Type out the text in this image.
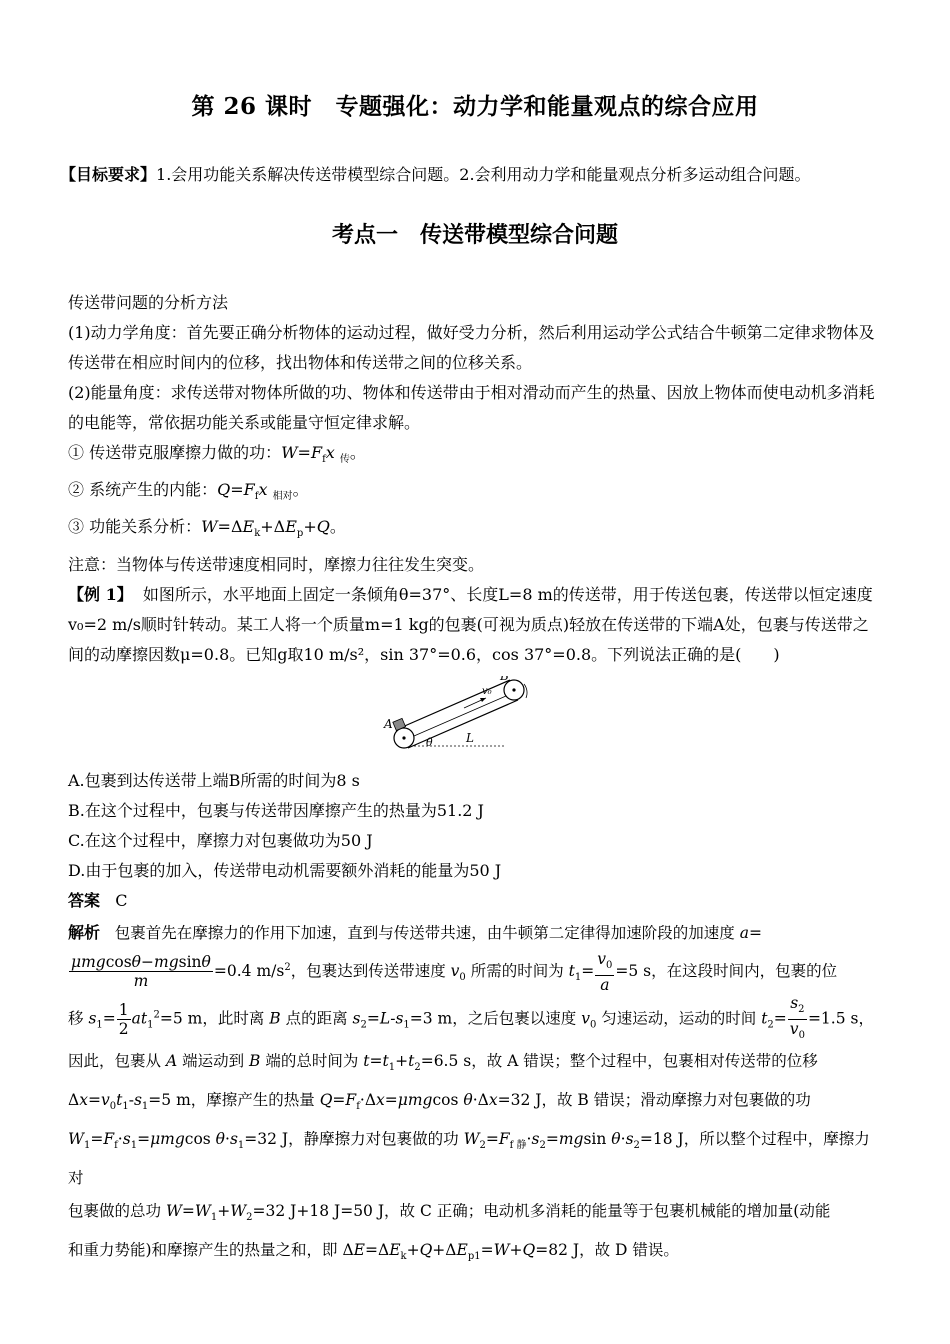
第 26 课时　专题强化：动力学和能量观点的综合应用
【目标要求】1.会用功能关系解决传送带模型综合问题。2.会利用动力学和能量观点分析多运动组合问题。
考点一　传送带模型综合问题

传送带问题的分析方法

(1)动力学角度：首先要正确分析物体的运动过程，做好受力分析，然后利用运动学公式结合牛顿第二定律求物体及传送带在相应时间内的位移，找出物体和传送带之间的位移关系。

(2)能量角度：求传送带对物体所做的功、物体和传送带由于相对滑动而产生的热量、因放上物体而使电动机多消耗的电能等，常依据功能关系或能量守恒定律求解。

① 传送带克服摩擦力做的功：$W=F_fx$ $_传$。

② 系统产生的内能：$Q=F_fx$ $_{相对}$。

③ 功能关系分析：$W=\Delta E_k+\Delta E_p+Q$。

注意：当物体与传送带速度相同时，摩擦力往往发生突变。

【例 1】 如图所示，水平地面上固定一条倾角θ=37°、长度L=8 m的传送带，用于传送包裹，传送带以恒定速度v₀=2 m/s顺时针转动。某工人将一个质量m=1 kg的包裹(可视为质点)轻放在传送带的下端A处，包裹与传送带之间的动摩擦因数μ=0.8。已知g取10 m/s²，sin 37°=0.6，cos 37°=0.8。下列说法正确的是(　　)

A
B
v₀
θ	L

A.包裹到达传送带上端B所需的时间为8 s

B.在这个过程中，包裹与传送带因摩擦产生的热量为51.2 J

C.在这个过程中，摩擦力对包裹做功为50 J

D.由于包裹的加入，传送带电动机需要额外消耗的能量为50 J

答案 C

解析   包裹首先在摩擦力的作用下加速，直到与传送带共速，由牛顿第二定律得加速阶段的加速度 a=

$\frac{\text{μmgcosθ−mgsinθ}}{m} =0.4$ $m/s^2$，包裹达到传送带速度 $v_0$ 所需的时间为 $t_1= \frac{v_0}{a} =5$ s，在这段时间内，包裹的位

移 $s_1= \frac{1}{2} at_1^2=5$ m，此时离 B 点的距离 $s_2=L-s_1=3$ m，之后包裹以速度 $v_0$ 匀速运动，运动的时间 $t_2= \frac{s_2}{v_0} =1.5$ s，

因此，包裹从 A 端运动到 B 端的总时间为 $t=t_1+t_2=6.5$ s，故 A 错误；整个过程中，包裹相对传送带的位移

$\Delta x=v_0t_1-s_1=5$ m，摩擦产生的热量 $Q=F_f\cdot\Delta x=\mu mgcos$ θ·Δx=32 J，故 B 错误；滑动摩擦力对包裹做的功

$W_1=F_f\cdot s_1=\mu mgcos$ $\theta\cdot s_1=32$ J，静摩擦力对包裹做的功 $W_2=F_{f 静}\cdot s_2=mgsin$ $\theta\cdot s_2=18$ J，所以整个过程中，摩擦力对

包裹做的总功 $W=W_1+W_2=32$ J+18 J=50 J，故 C 正确；电动机多消耗的能量等于包裹机械能的增加量(动能

和重力势能)和摩擦产生的热量之和，即 $\Delta E=\Delta E_k+Q+\Delta E_{p1}=W+Q=82$ J，故 D 错误。
